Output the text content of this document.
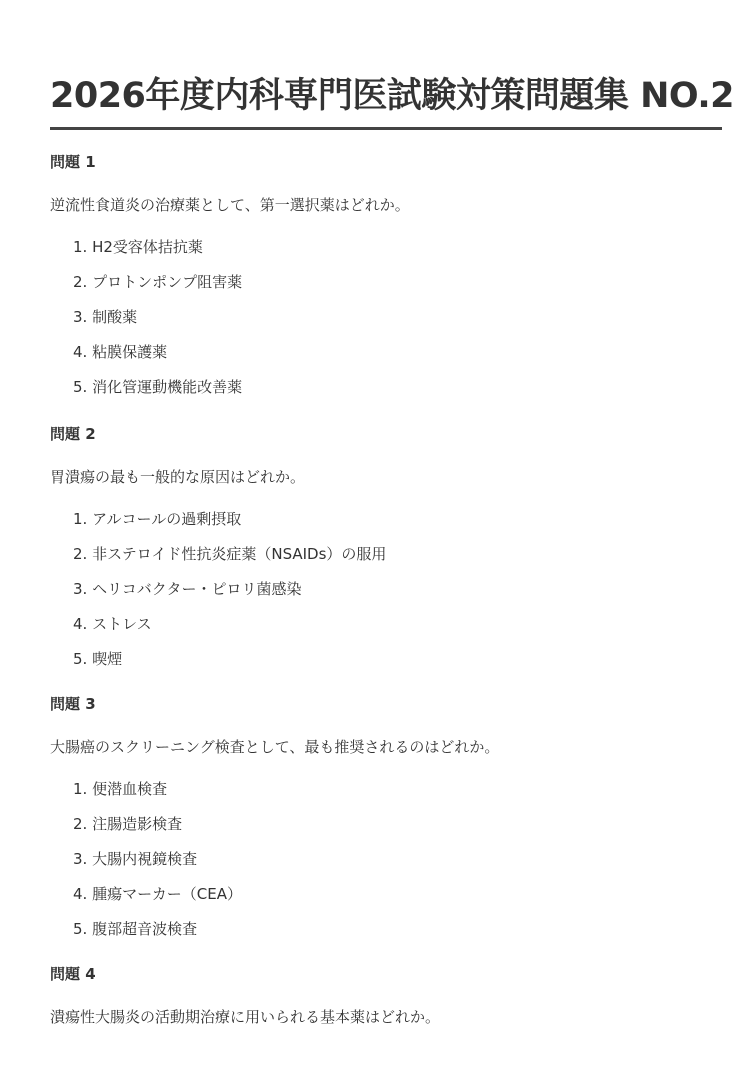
2026年度内科専門医試験対策問題集 NO.2

問題 1

逆流性食道炎の治療薬として、第一選択薬はどれか。

1. H2受容体拮抗薬
2. プロトンポンプ阻害薬
3. 制酸薬
4. 粘膜保護薬
5. 消化管運動機能改善薬

問題 2

胃潰瘍の最も一般的な原因はどれか。

1. アルコールの過剰摂取
2. 非ステロイド性抗炎症薬（NSAIDs）の服用
3. ヘリコバクター・ピロリ菌感染
4. ストレス
5. 喫煙

問題 3

大腸癌のスクリーニング検査として、最も推奨されるのはどれか。

1. 便潜血検査
2. 注腸造影検査
3. 大腸内視鏡検査
4. 腫瘍マーカー（CEA）
5. 腹部超音波検査

問題 4

潰瘍性大腸炎の活動期治療に用いられる基本薬はどれか。
